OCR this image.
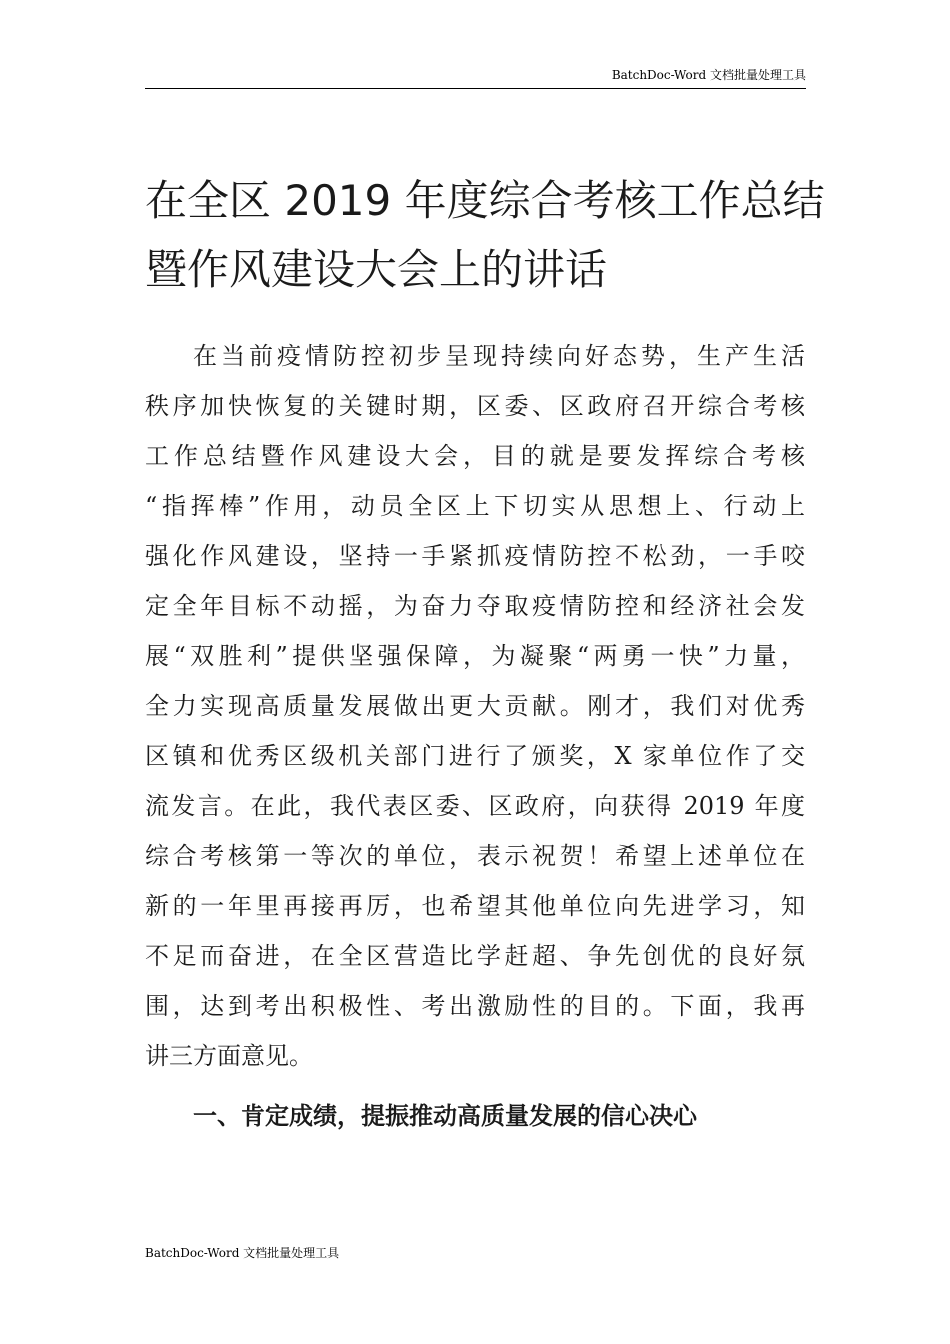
BatchDoc-Word 文档批量处理工具
在全区 2019 年度综合考核工作总结
暨作风建设大会上的讲话
在当前疫情防控初步呈现持续向好态势，生产生活
秩序加快恢复的关键时期，区委、区政府召开综合考核
工作总结暨作风建设大会，目的就是要发挥综合考核
“指挥棒”作用，动员全区上下切实从思想上、行动上
强化作风建设，坚持一手紧抓疫情防控不松劲，一手咬
定全年目标不动摇，为奋力夺取疫情防控和经济社会发
展“双胜利”提供坚强保障，为凝聚“两勇一快”力量，
全力实现高质量发展做出更大贡献。刚才，我们对优秀
区镇和优秀区级机关部门进行了颁奖，X 家单位作了交
流发言。在此，我代表区委、区政府，向获得 2019 年度
综合考核第一等次的单位，表示祝贺！希望上述单位在
新的一年里再接再厉，也希望其他单位向先进学习，知
不足而奋进，在全区营造比学赶超、争先创优的良好氛
围，达到考出积极性、考出激励性的目的。下面，我再
讲三方面意见。
一、肯定成绩，提振推动高质量发展的信心决心
BatchDoc-Word 文档批量处理工具
